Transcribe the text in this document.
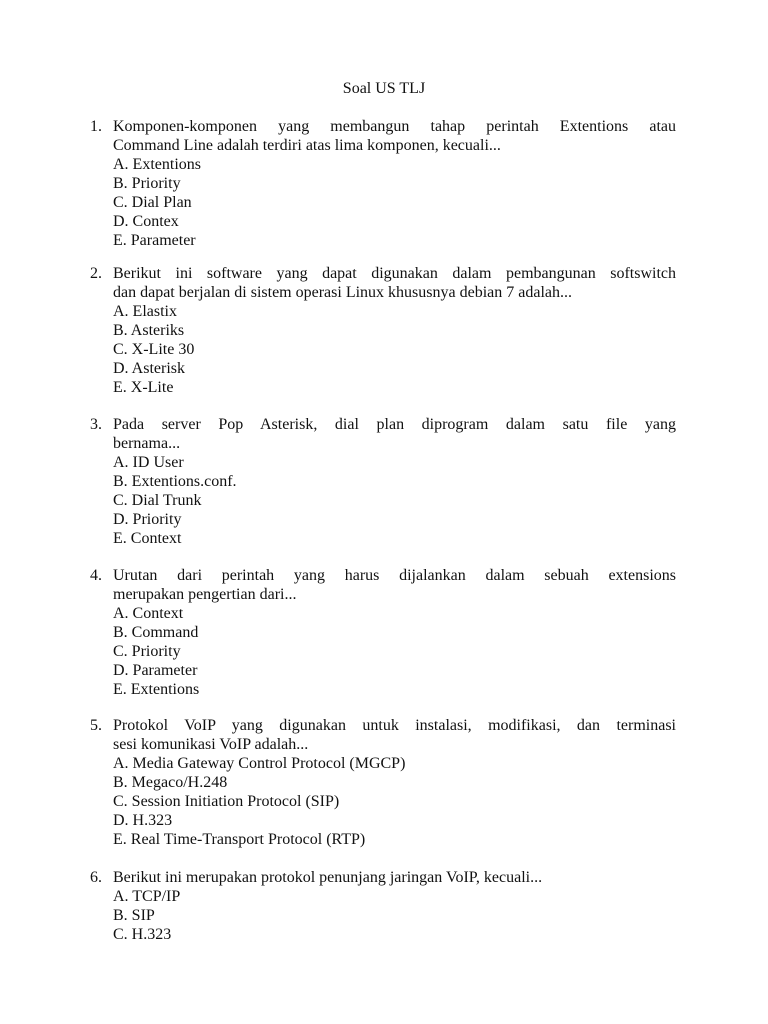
Soal US TLJ
1. Komponen-komponen yang membangun tahap perintah Extentions atau
Command Line adalah terdiri atas lima komponen, kecuali...
A. Extentions
B. Priority
C. Dial Plan
D. Contex
E. Parameter
2. Berikut ini software yang dapat digunakan dalam pembangunan softswitch
dan dapat berjalan di sistem operasi Linux khususnya debian 7 adalah...
A. Elastix
B. Asteriks
C. X-Lite 30
D. Asterisk
E. X-Lite
3. Pada server Pop Asterisk, dial plan diprogram dalam satu file yang
bernama...
A. ID User
B. Extentions.conf.
C. Dial Trunk
D. Priority
E. Context
4. Urutan dari perintah yang harus dijalankan dalam sebuah extensions
merupakan pengertian dari...
A. Context
B. Command
C. Priority
D. Parameter
E. Extentions
5. Protokol VoIP yang digunakan untuk instalasi, modifikasi, dan terminasi
sesi komunikasi VoIP adalah...
A. Media Gateway Control Protocol (MGCP)
B. Megaco/H.248
C. Session Initiation Protocol (SIP)
D. H.323
E. Real Time-Transport Protocol (RTP)
6. Berikut ini merupakan protokol penunjang jaringan VoIP, kecuali...
A. TCP/IP
B. SIP
C. H.323
